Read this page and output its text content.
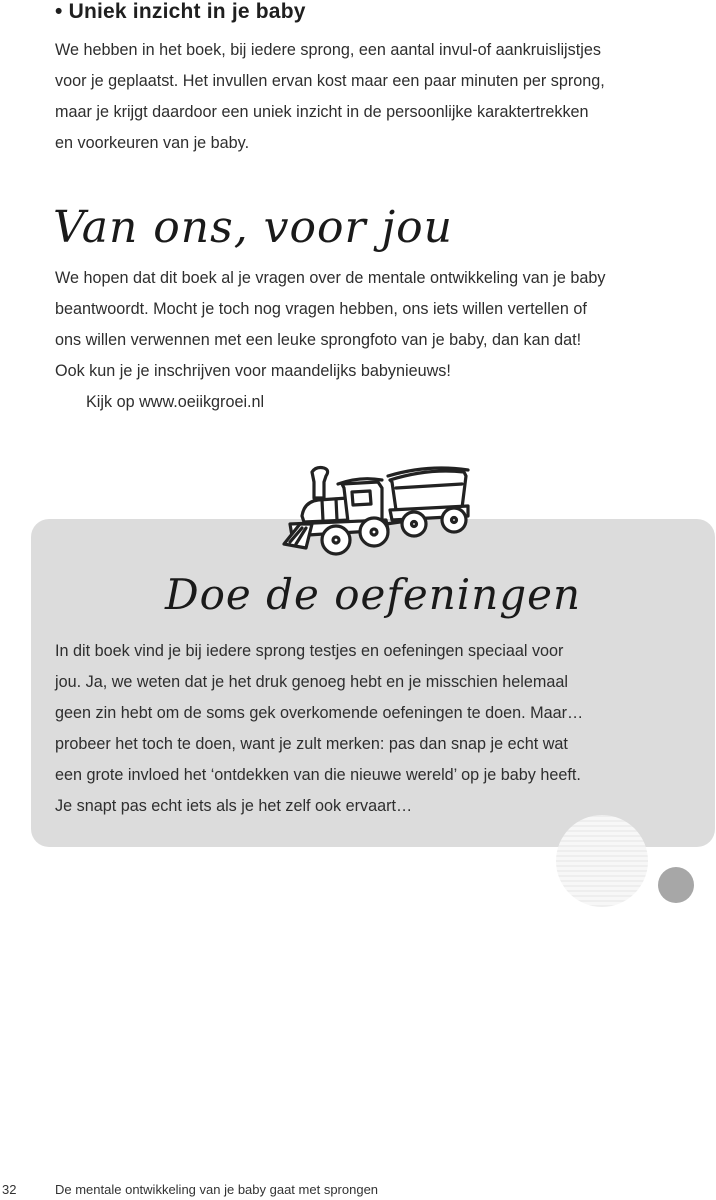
• Uniek inzicht in je baby

We hebben in het boek, bij iedere sprong, een aantal invul-of aankruislijstjes

voor je geplaatst. Het invullen ervan kost maar een paar minuten per sprong,

maar je krijgt daardoor een uniek inzicht in de persoonlijke karaktertrekken

en voorkeuren van je baby.

Van ons, voor jou

We hopen dat dit boek al je vragen over de mentale ontwikkeling van je baby

beantwoordt. Mocht je toch nog vragen hebben, ons iets willen vertellen of

ons willen verwennen met een leuke sprongfoto van je baby, dan kan dat!

Ook kun je je inschrijven voor maandelijks babynieuws!

Kijk op www.oeiikgroei.nl
Doe de oefeningen

In dit boek vind je bij iedere sprong testjes en oefeningen speciaal voor

jou. Ja, we weten dat je het druk genoeg hebt en je misschien helemaal

geen zin hebt om de soms gek overkomende oefeningen te doen. Maar…

probeer het toch te doen, want je zult merken: pas dan snap je echt wat

een grote invloed het ‘ontdekken van die nieuwe wereld’ op je baby heeft.

Je snapt pas echt iets als je het zelf ook ervaart…

32	De mentale ontwikkeling van je baby gaat met sprongen
